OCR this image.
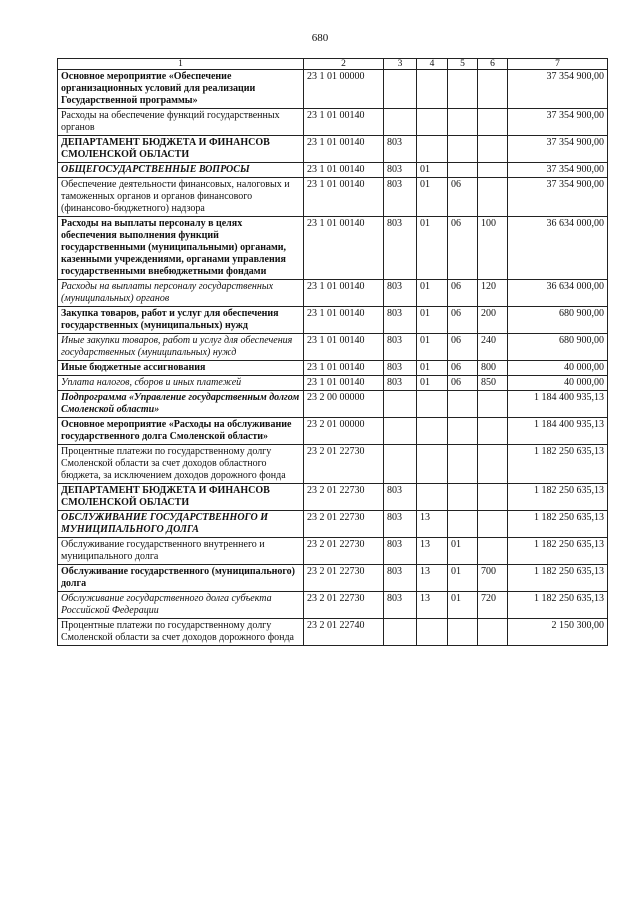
680
1	2	3	4	5	6	7
Основное мероприятие «Обеспечение организационных условий для реализации Государственной программы»	23 1 01 00000					37 354 900,00
Расходы на обеспечение функций государственных органов	23 1 01 00140					37 354 900,00
ДЕПАРТАМЕНТ БЮДЖЕТА И ФИНАНСОВ СМОЛЕНСКОЙ ОБЛАСТИ	23 1 01 00140	803				37 354 900,00
ОБЩЕГОСУДАРСТВЕННЫЕ ВОПРОСЫ	23 1 01 00140	803	01			37 354 900,00
Обеспечение деятельности финансовых, налоговых и таможенных органов и органов финансового (финансово-бюджетного) надзора	23 1 01 00140	803	01	06		37 354 900,00
Расходы на выплаты персоналу в целях обеспечения выполнения функций государственными (муниципальными) органами, казенными учреждениями, органами управления государственными внебюджетными фондами	23 1 01 00140	803	01	06	100	36 634 000,00
Расходы на выплаты персоналу государственных (муниципальных) органов	23 1 01 00140	803	01	06	120	36 634 000,00
Закупка товаров, работ и услуг для обеспечения государственных (муниципальных) нужд	23 1 01 00140	803	01	06	200	680 900,00
Иные закупки товаров, работ и услуг для обеспечения государственных (муниципальных) нужд	23 1 01 00140	803	01	06	240	680 900,00
Иные бюджетные ассигнования	23 1 01 00140	803	01	06	800	40 000,00
Уплата налогов, сборов и иных платежей	23 1 01 00140	803	01	06	850	40 000,00
Подпрограмма «Управление государственным долгом Смоленской области»	23 2 00 00000					1 184 400 935,13
Основное мероприятие «Расходы на обслуживание государственного долга Смоленской области»	23 2 01 00000					1 184 400 935,13
Процентные платежи по государственному долгу Смоленской области за счет доходов областного бюджета, за исключением доходов дорожного фонда	23 2 01 22730					1 182 250 635,13
ДЕПАРТАМЕНТ БЮДЖЕТА И ФИНАНСОВ СМОЛЕНСКОЙ ОБЛАСТИ	23 2 01 22730	803				1 182 250 635,13
ОБСЛУЖИВАНИЕ ГОСУДАРСТВЕННОГО И МУНИЦИПАЛЬНОГО ДОЛГА	23 2 01 22730	803	13			1 182 250 635,13
Обслуживание государственного внутреннего и муниципального долга	23 2 01 22730	803	13	01		1 182 250 635,13
Обслуживание государственного (муниципального) долга	23 2 01 22730	803	13	01	700	1 182 250 635,13
Обслуживание государственного долга субъекта Российской Федерации	23 2 01 22730	803	13	01	720	1 182 250 635,13
Процентные платежи по государственному долгу Смоленской области за счет доходов дорожного фонда	23 2 01 22740					2 150 300,00
